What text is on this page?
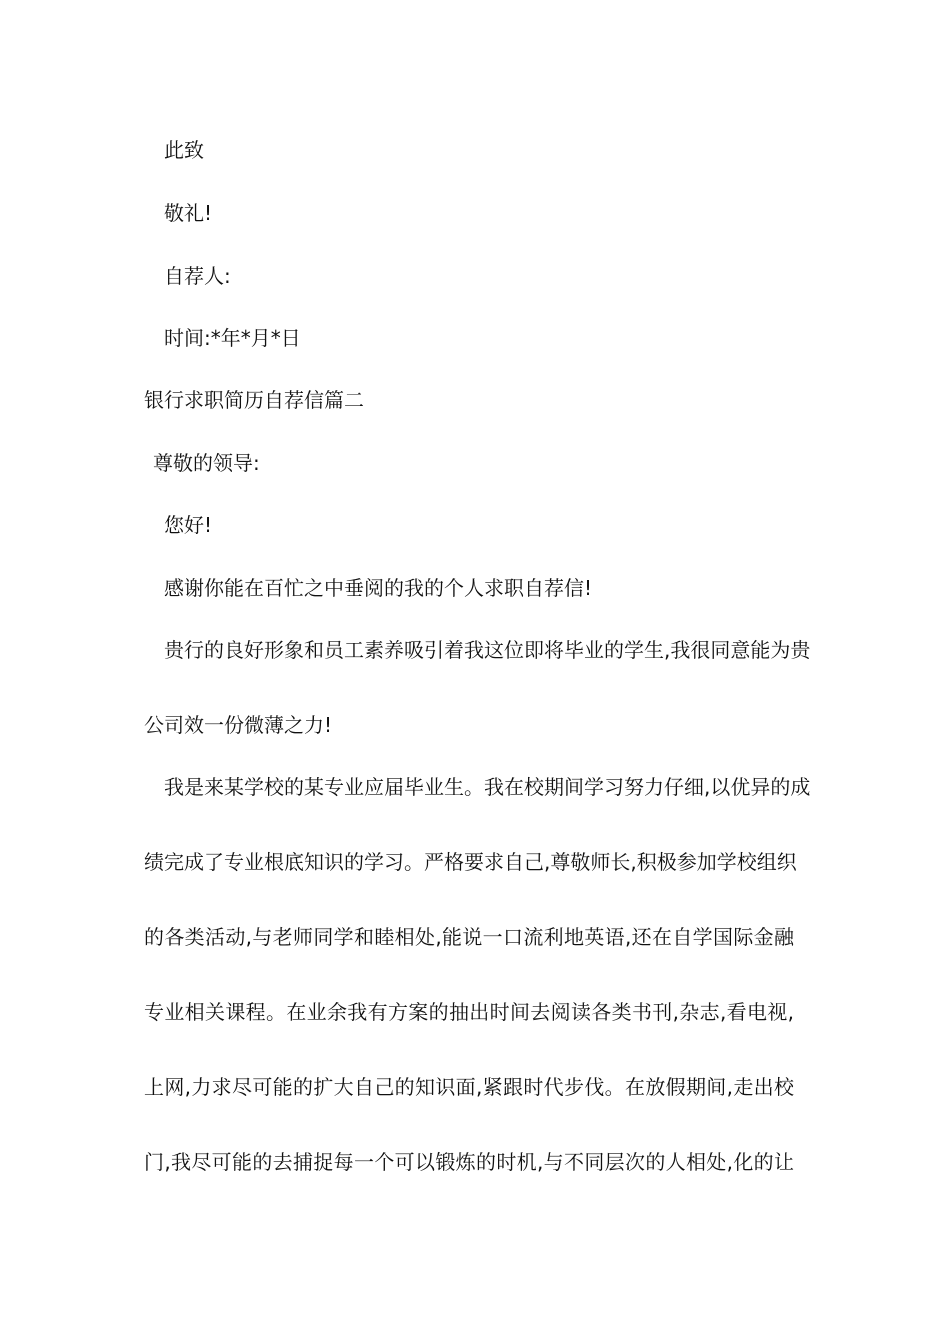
此致

敬礼!

自荐人:

时间:*年*月*日

银行求职简历自荐信篇二

尊敬的领导:

您好!

感谢你能在百忙之中垂阅的我的个人求职自荐信!

贵行的良好形象和员工素养吸引着我这位即将毕业的学生,我很同意能为贵

公司效一份微薄之力!

我是来某学校的某专业应届毕业生。我在校期间学习努力仔细,以优异的成

绩完成了专业根底知识的学习。严格要求自己,尊敬师长,积极参加学校组织

的各类活动,与老师同学和睦相处,能说一口流利地英语,还在自学国际金融

专业相关课程。在业余我有方案的抽出时间去阅读各类书刊,杂志,看电视,

上网,力求尽可能的扩大自己的知识面,紧跟时代步伐。在放假期间,走出校

门,我尽可能的去捕捉每一个可以锻炼的时机,与不同层次的人相处,化的让
